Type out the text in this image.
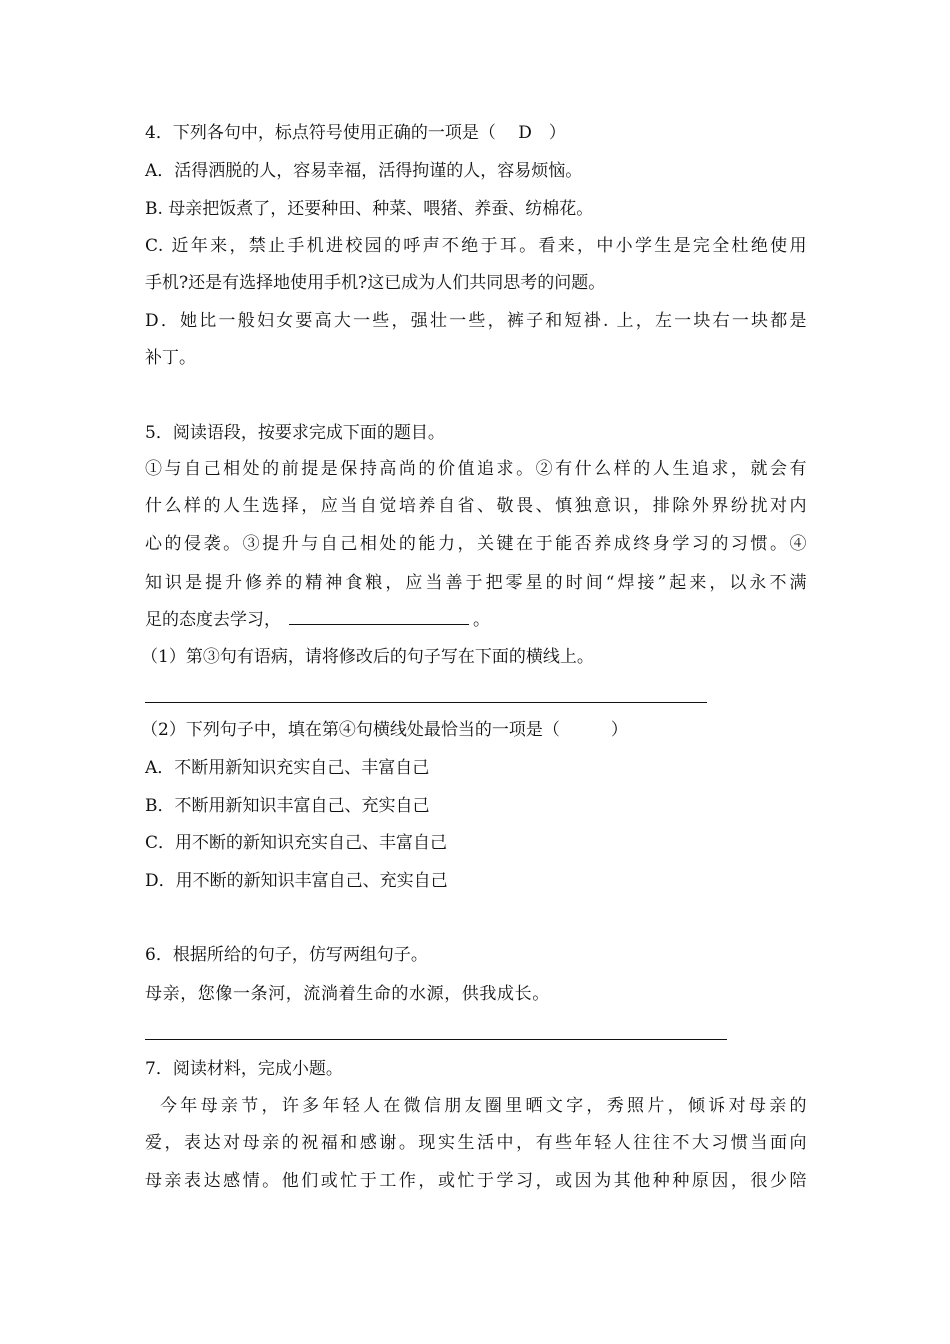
4．下列各句中，标点符号使用正确的一项是（　 D　）
A．活得洒脱的人，容易幸福，活得拘谨的人，容易烦恼。
B. 母亲把饭煮了，还要种田、种菜、喂猪、养蚕、纺棉花。
C. 近年来，禁止手机进校园的呼声不绝于耳。看来，中小学生是完全杜绝使用
手机?还是有选择地使用手机?这已成为人们共同思考的问题。
D．她比一般妇女要高大一些，强壮一些，裤子和短褂. 上，左一块右一块都是
补丁。
5．阅读语段，按要求完成下面的题目。
①与自己相处的前提是保持高尚的价值追求。②有什么样的人生追求，就会有
什么样的人生选择，应当自觉培养自省、敬畏、慎独意识，排除外界纷扰对内
心的侵袭。③提升与自己相处的能力，关键在于能否养成终身学习的习惯。④
知识是提升修养的精神食粮，应当善于把零星的时间“焊接”起来，以永不满
足的态度去学习，	。
（1）第③句有语病，请将修改后的句子写在下面的横线上。
（2）下列句子中，填在第④句横线处最恰当的一项是（　　　）
A．不断用新知识充实自己、丰富自己
B．不断用新知识丰富自己、充实自己
C．用不断的新知识充实自己、丰富自己
D．用不断的新知识丰富自己、充实自己
6．根据所给的句子，仿写两组句子。
母亲，您像一条河，流淌着生命的水源，供我成长。
7．阅读材料，完成小题。
今年母亲节，许多年轻人在微信朋友圈里晒文字，秀照片，倾诉对母亲的
爱，表达对母亲的祝福和感谢。现实生活中，有些年轻人往往不大习惯当面向
母亲表达感情。他们或忙于工作，或忙于学习，或因为其他种种原因，很少陪
